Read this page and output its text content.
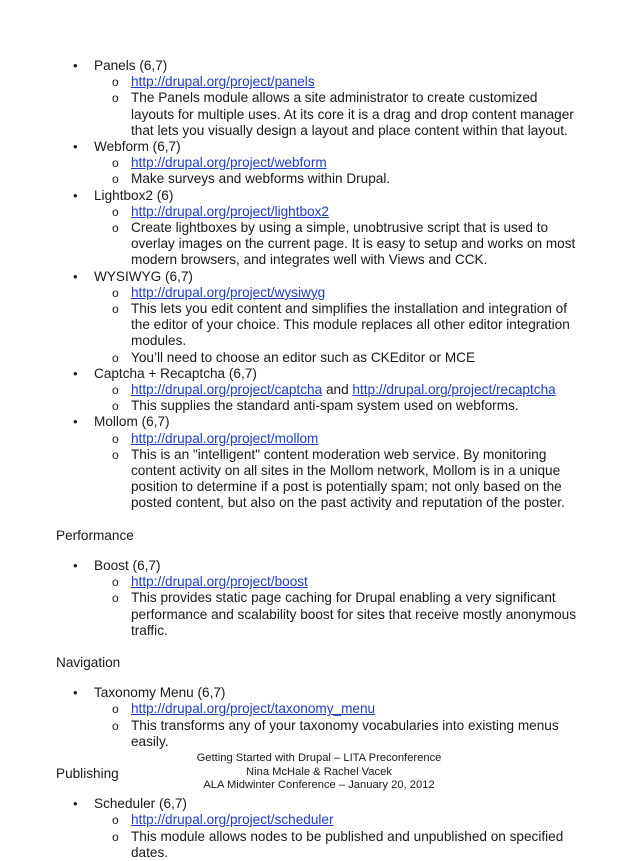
•	Panels (6,7)
o http://drupal.org/project/panels
o The Panels module allows a site administrator to create customized layouts for multiple uses. At its core it is a drag and drop content manager that lets you visually design a layout and place content within that layout.
•	Webform (6,7)
o http://drupal.org/project/webform
o Make surveys and webforms within Drupal.
•	Lightbox2 (6)
o http://drupal.org/project/lightbox2
o Create lightboxes by using a simple, unobtrusive script that is used to overlay images on the current page. It is easy to setup and works on most modern browsers, and integrates well with Views and CCK.
•	WYSIWYG (6,7)
o http://drupal.org/project/wysiwyg
o This lets you edit content and simplifies the installation and integration of the editor of your choice. This module replaces all other editor integration modules.
o You’ll need to choose an editor such as CKEditor or MCE
•	Captcha + Recaptcha (6,7)
o http://drupal.org/project/captcha and http://drupal.org/project/recaptcha
o This supplies the standard anti-spam system used on webforms.
•	Mollom (6,7)
o http://drupal.org/project/mollom
o This is an "intelligent" content moderation web service. By monitoring content activity on all sites in the Mollom network, Mollom is in a unique position to determine if a post is potentially spam; not only based on the posted content, but also on the past activity and reputation of the poster.
Performance
•	Boost (6,7)
o http://drupal.org/project/boost
o This provides static page caching for Drupal enabling a very significant performance and scalability boost for sites that receive mostly anonymous traffic.
Navigation
•	Taxonomy Menu (6,7)
o http://drupal.org/project/taxonomy_menu
o This transforms any of your taxonomy vocabularies into existing menus easily.
Publishing
•	Scheduler (6,7)
o http://drupal.org/project/scheduler
o This module allows nodes to be published and unpublished on specified dates.
Getting Started with Drupal – LITA Preconference
Nina McHale & Rachel Vacek
ALA Midwinter Conference – January 20, 2012
